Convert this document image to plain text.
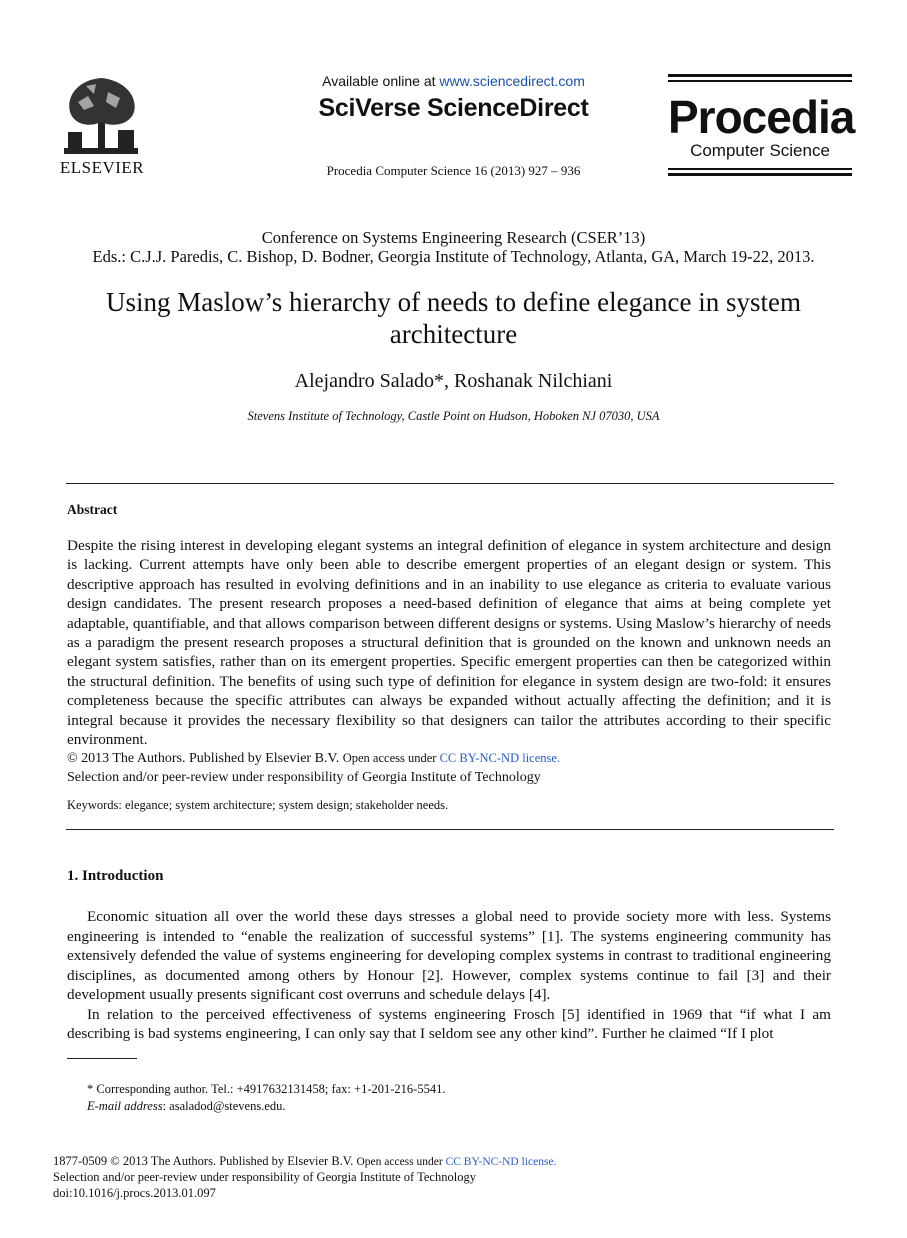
ELSEVIER
Available online at www.sciencedirect.com
SciVerse ScienceDirect
Procedia Computer Science 16 (2013) 927 – 936
Procedia
Computer Science
Conference on Systems Engineering Research (CSER’13)
Eds.: C.J.J. Paredis, C. Bishop, D. Bodner, Georgia Institute of Technology, Atlanta, GA, March 19-22, 2013.
Using Maslow’s hierarchy of needs to define elegance in system
architecture
Alejandro Salado*, Roshanak Nilchiani
Stevens Institute of Technology, Castle Point on Hudson, Hoboken NJ 07030, USA
Abstract
Despite the rising interest in developing elegant systems an integral definition of elegance in system architecture and design is lacking. Current attempts have only been able to describe emergent properties of an elegant design or system. This descriptive approach has resulted in evolving definitions and in an inability to use elegance as criteria to evaluate various design candidates. The present research proposes a need-based definition of elegance that aims at being complete yet adaptable, quantifiable, and that allows comparison between different designs or systems. Using Maslow’s hierarchy of needs as a paradigm the present research proposes a structural definition that is grounded on the known and unknown needs an elegant system satisfies, rather than on its emergent properties. Specific emergent properties can then be categorized within the structural definition. The benefits of using such type of definition for elegance in system design are two-fold: it ensures completeness because the specific attributes can always be expanded without actually affecting the definition; and it is integral because it provides the necessary flexibility so that designers can tailor the attributes according to their specific environment.
© 2013 The Authors. Published by Elsevier B.V. Open access under CC BY-NC-ND license.
Selection and/or peer-review under responsibility of Georgia Institute of Technology
Keywords: elegance; system architecture; system design; stakeholder needs.
1. Introduction

Economic situation all over the world these days stresses a global need to provide society more with less. Systems engineering is intended to “enable the realization of successful systems” [1]. The systems engineering community has extensively defended the value of systems engineering for developing complex systems in contrast to traditional engineering disciplines, as documented among others by Honour [2]. However, complex systems continue to fail [3] and their development usually presents significant cost overruns and schedule delays [4].

In relation to the perceived effectiveness of systems engineering Frosch [5] identified in 1969 that “if what I am describing is bad systems engineering, I can only say that I seldom see any other kind”. Further he claimed “If I plot

* Corresponding author. Tel.: +4917632131458; fax: +1-201-216-5541.
E-mail address: asaladod@stevens.edu.
1877-0509 © 2013 The Authors. Published by Elsevier B.V. Open access under CC BY-NC-ND license.
Selection and/or peer-review under responsibility of Georgia Institute of Technology
doi:10.1016/j.procs.2013.01.097
